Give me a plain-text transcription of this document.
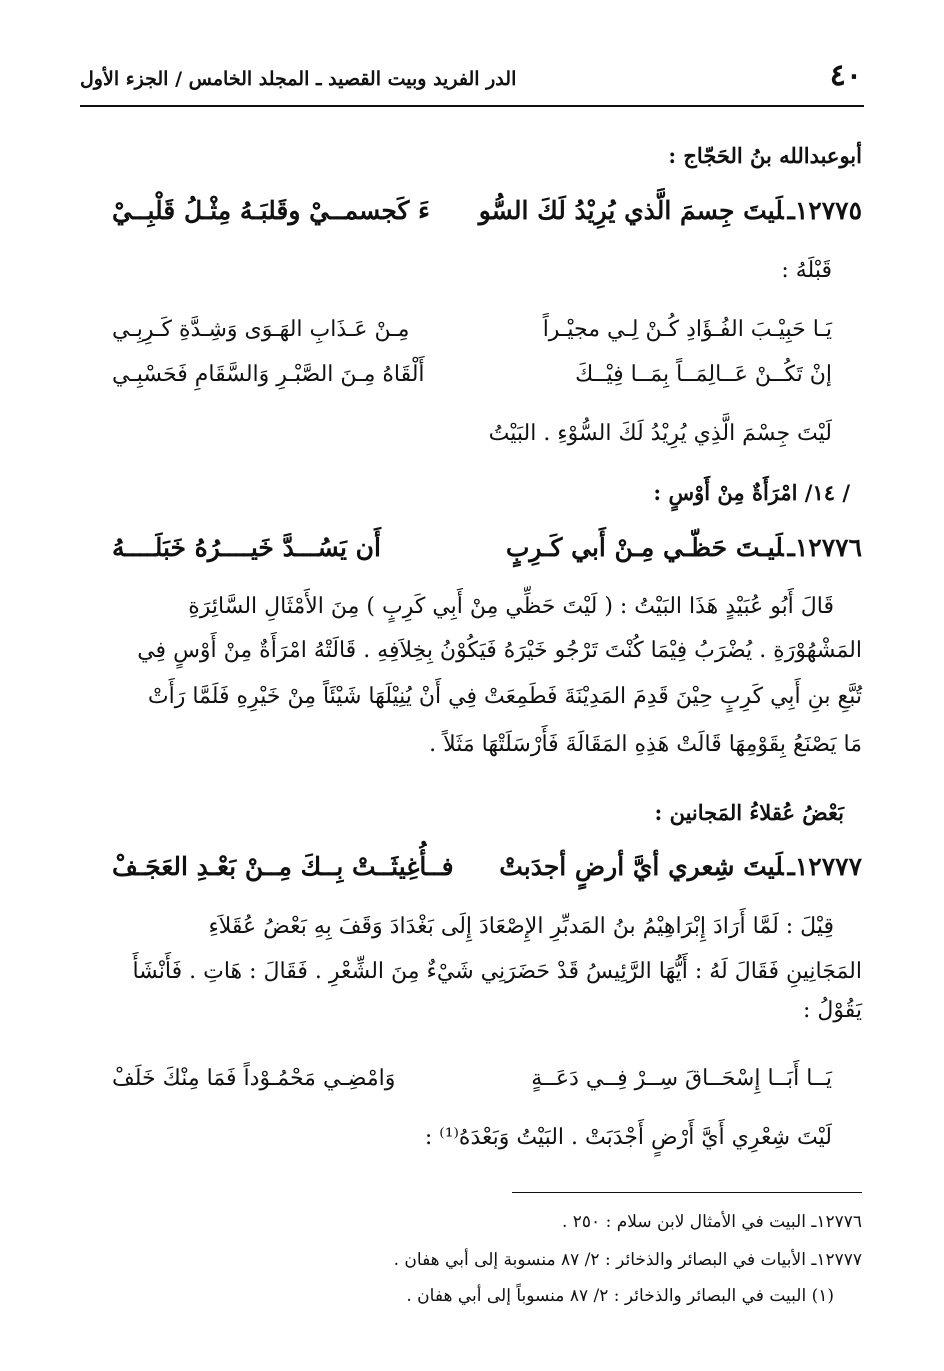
٤٠
الدر الفريد وبيت القصيد ـ المجلد الخامس / الجزء الأول
أبوعبدالله بنُ الحَجّاج :
١٢٧٧٥ـلَيتَ جِسمَ الَّذي يُرِيْدُ لَكَ السُّو
ءَ كَجسمــيْ وقَلبَـهُ مِثْـلُ قَلْبِــيْ
قَبْلَهُ :
يَـا حَبِيْـبَ الفُـؤَادِ كُـنْ لِـي مجيْـراً
مِـنْ عَـذَابِ الهَـوَى وَشِـدَّةِ كَـرِبِـي
إنْ تَكُــنْ عَــالِمَــاً بِمَــا فِيْــكَ
أَلْقَاهُ مِـنَ الصَّبْـرِ وَالسَّقَامِ فَحَسْبِـي
لَيْتَ جِسْمَ الَّذِي يُرِيْدُ لَكَ السُّوْءِ . البَيْتُ
/ ١٤/ امْرَأَةٌ مِنْ أَوْسٍ :
١٢٧٧٦ـلَيـتَ حَظّـي مِـنْ أَبي كَـرِبٍ
أَن يَسُـــدَّ خَيــــرُهُ خَبَلَــــهُ
قَالَ أَبُو عُبَيْدٍ هَذَا البَيْتُ : ( لَيْتَ حَظِّي مِنْ أَبِي كَرِبٍ ) مِنَ الأَمْثَالِ السَّائِرَةِ
المَشْهُوْرَةِ . يُضْرَبُ فِيْمَا كُنْتَ تَرْجُو خَيْرَهُ فَيَكُوْنُ بِخِلاَفِهِ . قَالَتْهُ امْرَأَةٌ مِنْ أَوْسٍ فِي
تُبَّعِ بنِ أَبِي كَرِبٍ حِيْنَ قَدِمَ المَدِيْنَةَ فَطَمِعَتْ فِي أَنْ يُنِيْلَهَا شَيْئَاً مِنْ خَيْرِهِ فَلَمَّا رَأَتْ
مَا يَصْنَعُ بِقَوْمِهَا قَالَتْ هَذِهِ المَقَالَةَ فَأَرْسَلَتْهَا مَثَلاً .
بَعْضُ عُقلاءُ المَجانين :
١٢٧٧٧ـلَيتَ شِعري أيَّ أرضٍ أجدَبتْ
فــأُغِيثَــتْ بِــكَ مِــنْ بَعْـدِ العَجَـفْ
قِيْلَ : لَمَّا أَرَادَ إِبْرَاهِيْمُ بنُ المَدبِّرِ الإِصْعَادَ إِلَى بَغْدَادَ وَقَفَ بِهِ بَعْضُ عُقَلاَءِ
المَجَانِينِ فَقَالَ لَهُ : أَيُّهَا الرَّئِيسُ قَدْ حَضَرَنِي شَيْءٌ مِنَ الشِّعْرِ . فَقَالَ : هَاتِ . فَأَنْشَأَ
يَقُوْلُ :
يَــا أَبَــا إِسْحَــاقَ سِــرْ فِــي دَعَــةٍ
وَامْضِـي مَحْمُـوْداً فَمَا مِنْكَ خَلَفْ
لَيْتَ شِعْرِي أَيَّ أَرْضٍ أَجْدَبَتْ . البَيْتُ وَبَعْدَهُ⁽¹⁾ :
١٢٧٧٦ـ البيت في الأمثال لابن سلام : ٢٥٠ .
١٢٧٧٧ـ الأبيات في البصائر والذخائر : ٢/ ٨٧ منسوبة إلى أبي هفان .
(١) البيت في البصائر والذخائر : ٢/ ٨٧ منسوباً إلى أبي هفان .
